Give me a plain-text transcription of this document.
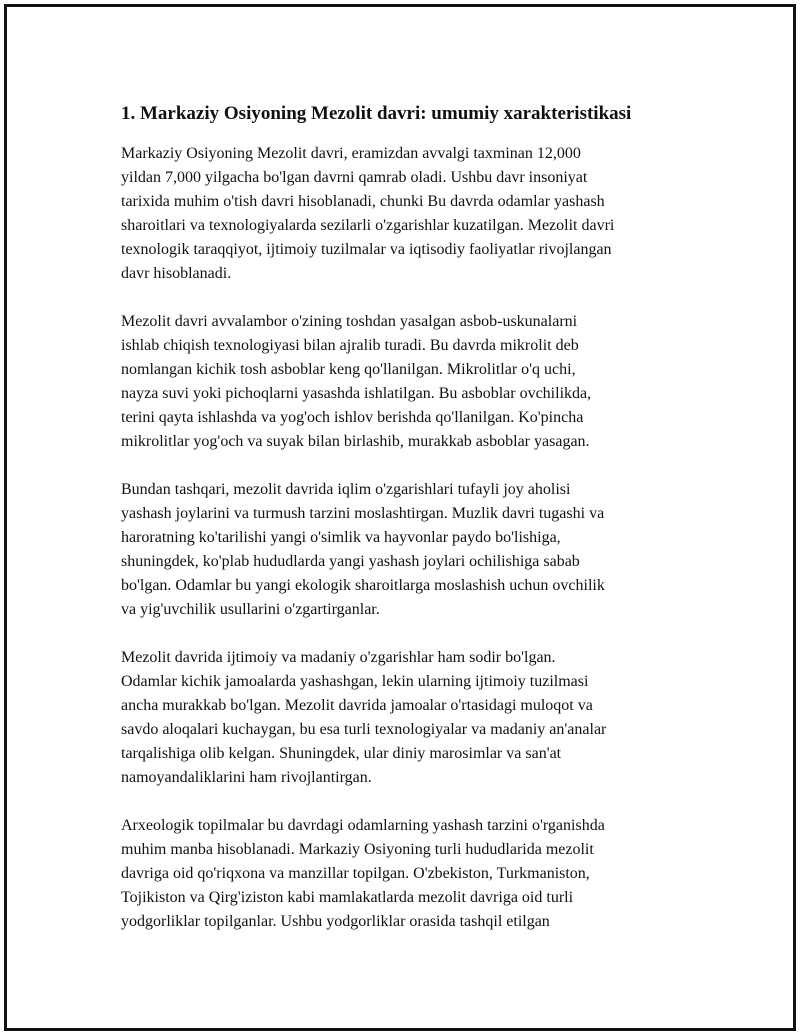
1. Markaziy Osiyoning Mezolit davri: umumiy xarakteristikasi

Markaziy Osiyoning Mezolit davri, eramizdan avvalgi taxminan 12,000
yildan 7,000 yilgacha bo'lgan davrni qamrab oladi. Ushbu davr insoniyat
tarixida muhim o'tish davri hisoblanadi, chunki Bu davrda odamlar yashash
sharoitlari va texnologiyalarda sezilarli o'zgarishlar kuzatilgan. Mezolit davri
texnologik taraqqiyot, ijtimoiy tuzilmalar va iqtisodiy faoliyatlar rivojlangan
davr hisoblanadi.

Mezolit davri avvalambor o'zining toshdan yasalgan asbob-uskunalarni
ishlab chiqish texnologiyasi bilan ajralib turadi. Bu davrda mikrolit deb
nomlangan kichik tosh asboblar keng qo'llanilgan. Mikrolitlar o'q uchi,
nayza suvi yoki pichoqlarni yasashda ishlatilgan. Bu asboblar ovchilikda,
terini qayta ishlashda va yog'och ishlov berishda qo'llanilgan. Ko'pincha
mikrolitlar yog'och va suyak bilan birlashib, murakkab asboblar yasagan.

Bundan tashqari, mezolit davrida iqlim o'zgarishlari tufayli joy aholisi
yashash joylarini va turmush tarzini moslashtirgan. Muzlik davri tugashi va
haroratning ko'tarilishi yangi o'simlik va hayvonlar paydo bo'lishiga,
shuningdek, ko'plab hududlarda yangi yashash joylari ochilishiga sabab
bo'lgan. Odamlar bu yangi ekologik sharoitlarga moslashish uchun ovchilik
va yig'uvchilik usullarini o'zgartirganlar.

Mezolit davrida ijtimoiy va madaniy o'zgarishlar ham sodir bo'lgan.
Odamlar kichik jamoalarda yashashgan, lekin ularning ijtimoiy tuzilmasi
ancha murakkab bo'lgan. Mezolit davrida jamoalar o'rtasidagi muloqot va
savdo aloqalari kuchaygan, bu esa turli texnologiyalar va madaniy an'analar
tarqalishiga olib kelgan. Shuningdek, ular diniy marosimlar va san'at
namoyandaliklarini ham rivojlantirgan.

Arxeologik topilmalar bu davrdagi odamlarning yashash tarzini o'rganishda
muhim manba hisoblanadi. Markaziy Osiyoning turli hududlarida mezolit
davriga oid qo'riqxona va manzillar topilgan. O'zbekiston, Turkmaniston,
Tojikiston va Qirg'iziston kabi mamlakatlarda mezolit davriga oid turli
yodgorliklar topilganlar. Ushbu yodgorliklar orasida tashqil etilgan
